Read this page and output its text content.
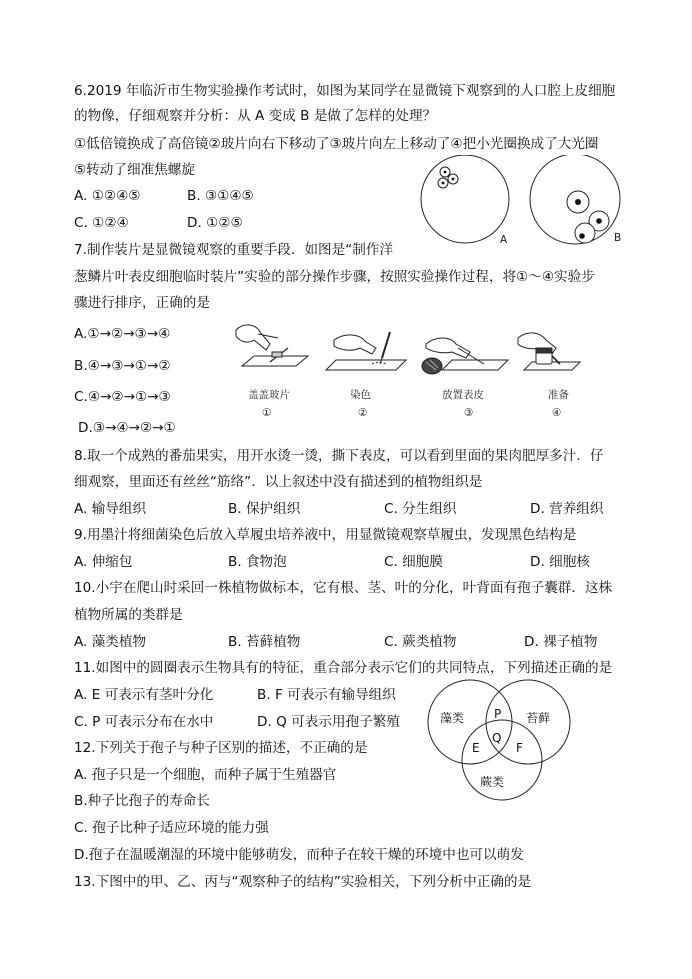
6.2019 年临沂市生物实验操作考试时，如图为某同学在显微镜下观察到的人口腔上皮细胞
的物像，仔细观察并分析：从 A 变成 B 是做了怎样的处理？
①低倍镜换成了高倍镜②玻片向右下移动了③玻片向左上移动了④把小光圈换成了大光圈
⑤转动了细准焦螺旋
A. ①②④⑤	B. ③①④⑤
C. ①②④	D. ①②⑤
A	B
7.制作装片是显微镜观察的重要手段．如图是“制作洋
葱鳞片叶表皮细胞临时装片”实验的部分操作步骤，按照实验操作过程，将①～④实验步
骤进行排序，正确的是
A.①→②→③→④
B.④→③→①→②
C.④→②→①→③
D.③→④→②→①
盖盖玻片
①
染色
②
放置表皮
③
准备
④
8.取一个成熟的番茄果实，用开水烫一烫，撕下表皮，可以看到里面的果肉肥厚多汁．仔
细观察，里面还有丝丝“筋络”．以上叙述中没有描述到的植物组织是
A. 输导组织	B. 保护组织	C. 分生组织	D. 营养组织
9.用墨汁将细菌染色后放入草履虫培养液中，用显微镜观察草履虫，发现黑色结构是
A. 伸缩包	B. 食物泡	C. 细胞膜	D. 细胞核
10.小宇在爬山时采回一株植物做标本，它有根、茎、叶的分化，叶背面有孢子囊群．这株
植物所属的类群是
A. 藻类植物	B. 苔藓植物	C. 蕨类植物	D. 裸子植物
11.如图中的圆圈表示生物具有的特征，重合部分表示它们的共同特点，下列描述正确的是
A. E 可表示有茎叶分化	B. F 可表示有输导组织
C. P 可表示分布在水中	D. Q 可表示用孢子繁殖	藻类	苔藓
蕨类
P
E
Q
F
12.下列关于孢子与种子区别的描述，不正确的是
A. 孢子只是一个细胞，而种子属于生殖器官
B.种子比孢子的寿命长
C. 孢子比种子适应环境的能力强
D.孢子在温暖潮湿的环境中能够萌发，而种子在较干燥的环境中也可以萌发
13.下图中的甲、乙、丙与“观察种子的结构”实验相关，下列分析中正确的是
